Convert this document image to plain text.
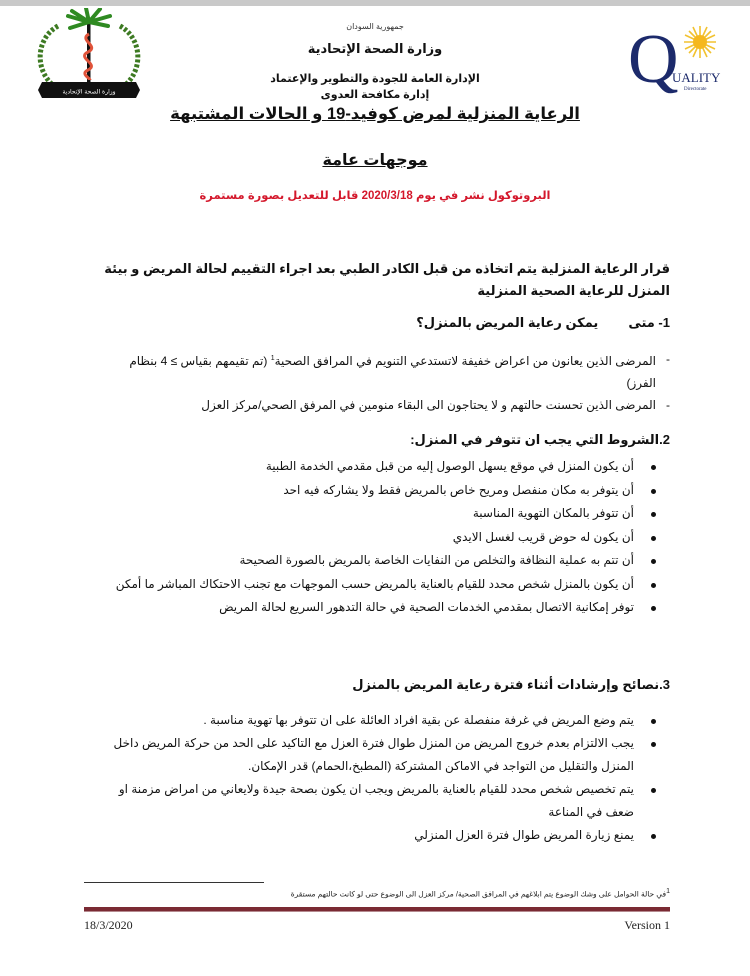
وزارة الصحة الإتحادية	Q
UALITY
Directorate
جمهورية السودان
وزارة الصحة الإتحادية
الإدارة العامة للجودة والتطوير والإعتماد
إدارة مكافحة العدوى
الرعاية المنزلية لمرض كوفيد-19 و الحالات المشتبهة
موجهات عامة
البروتوكول نشر في يوم 2020/3/18 قابل للتعديل بصورة مستمرة
قرار الرعاية المنزلية يتم اتخاذه من قبل الكادر الطبي بعد اجراء التقييم لحالة المريض و بيئة المنزل للرعاية الصحية المنزلية
1- متىيمكن رعاية المريض بالمنزل؟
- المرضى الذين يعانون من اعراض خفيفة لاتستدعي التنويم في المرافق الصحية$^1$ (تم تقيمهم بقياس ≥ 4 بنظام الفرز)
- المرضى الذين تحسنت حالتهم و لا يحتاجون الى البقاء منومين في المرفق الصحي/مركز العزل
2.الشروط التي يجب ان تتوفر في المنزل:
أن يكون المنزل في موقع يسهل الوصول إليه من قبل مقدمي الخدمة الطبية
أن يتوفر به مكان منفصل ومريح خاص بالمريض فقط ولا يشاركه فيه احد
أن تتوفر بالمكان التهوية المناسبة
أن يكون له حوض قريب لغسل الايدي
أن تتم به عملية النظافة والتخلص من النفايات الخاصة بالمريض بالصورة الصحيحة
أن يكون بالمنزل شخص محدد للقيام بالعناية بالمريض حسب الموجهات مع تجنب الاحتكاك المباشر ما أمكن
توفر إمكانية الاتصال بمقدمي الخدمات الصحية في حالة التدهور السريع لحالة المريض
3.نصائح وإرشادات أثناء فترة رعاية المريض بالمنزل
يتم وضع المريض في غرفة منفصلة عن بقية افراد العائلة على ان تتوفر بها تهوية مناسبة .
يجب الالتزام بعدم خروج المريض من المنزل طوال فترة العزل مع التاكيد على الحد من حركة المريض داخل المنزل والتقليل من التواجد في الاماكن المشتركة (المطبخ،الحمام) قدر الإمكان.
يتم تخصيص شخص محدد للقيام بالعناية بالمريض ويجب ان يكون بصحة جيدة ولايعاني من امراض مزمنة او ضعف في المناعة
يمنع زيارة المريض طوال فترة العزل المنزلي
1في حالة الحوامل على وشك الوضوع يتم ابلاغهم في المرافق الصحية/ مركز العزل الى الوضوع حتى لو كانت حالتهم مستقرة
18/3/2020	Version 1
